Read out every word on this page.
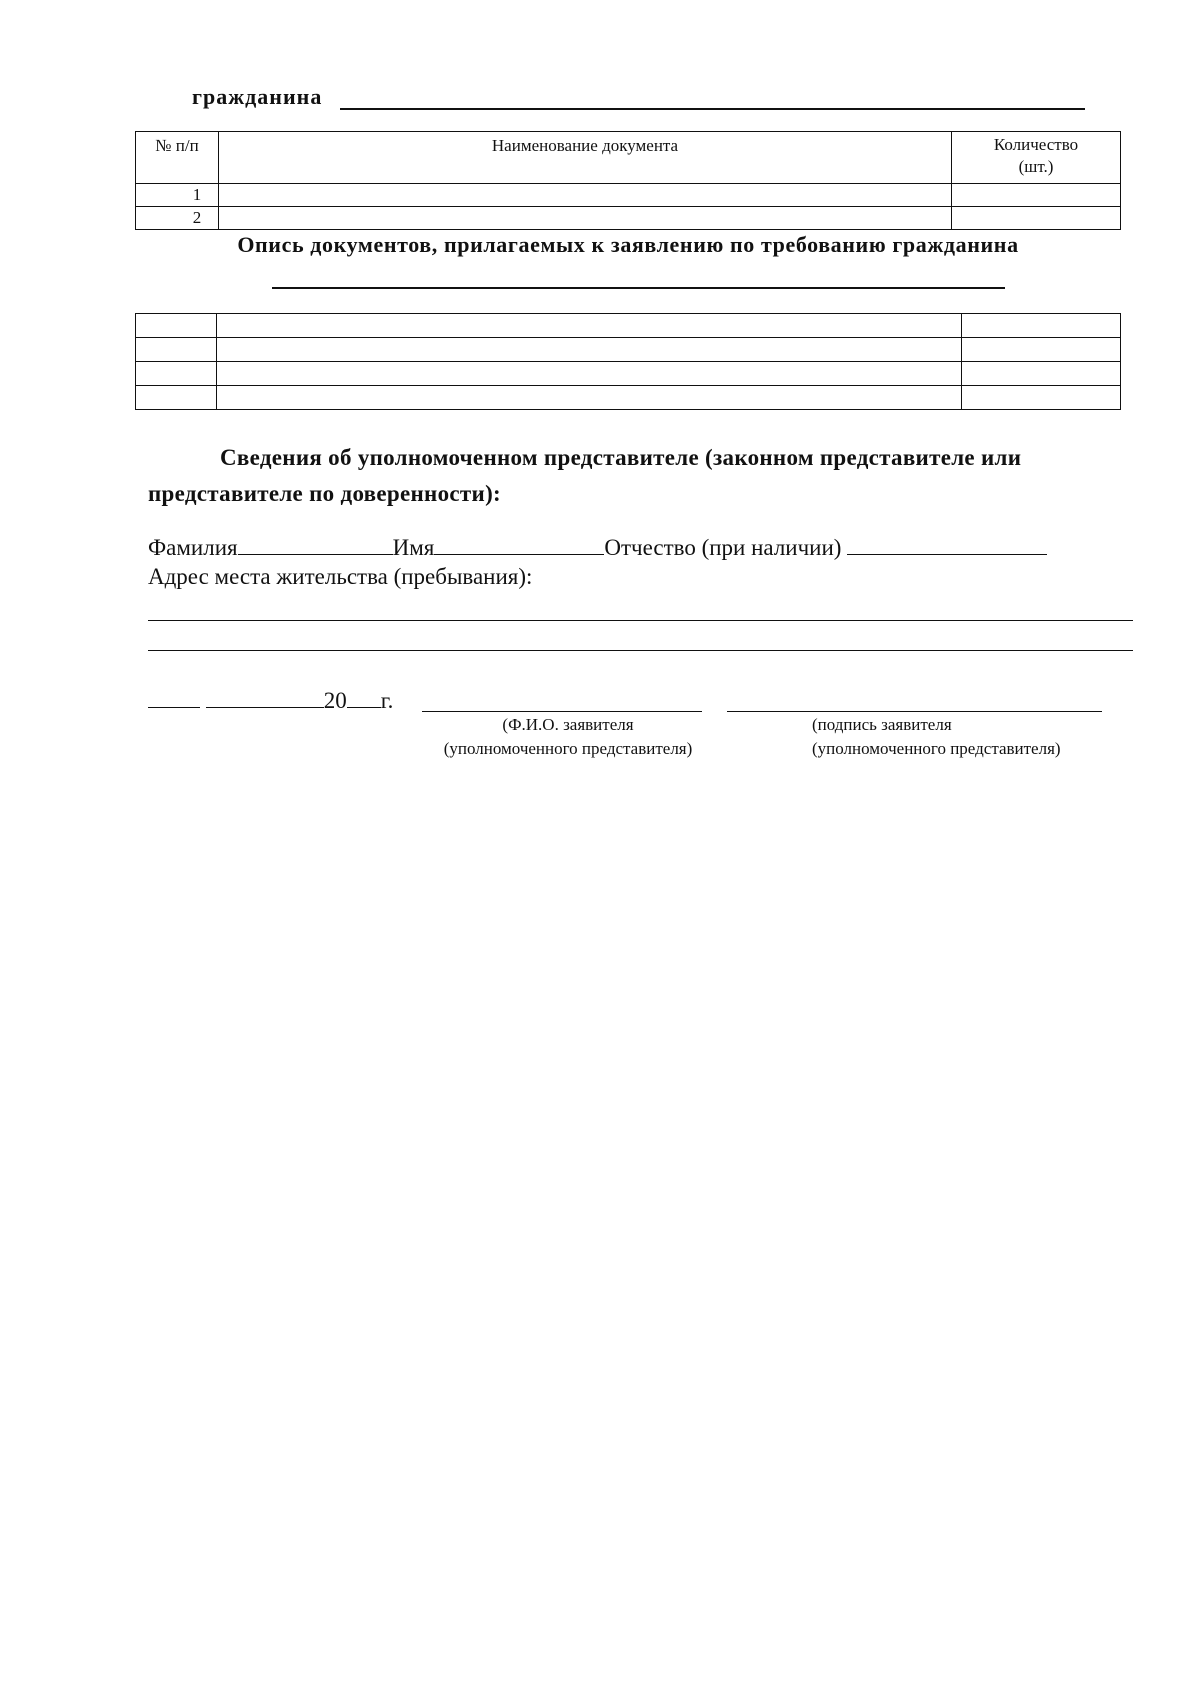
гражданина
№ п/п	Наименование документа	Количество
(шт.)
1		
2		
Опись документов, прилагаемых к заявлению по требованию гражданина

Сведения об уполномоченном представителе (законном представителе или представителе по доверенности):
Фамилия	Имя	Отчество (при наличии)
Адрес места жительства (пребывания):
20 г.
(Ф.И.О. заявителя
(уполномоченного представителя)
(подпись заявителя
(уполномоченного представителя)
